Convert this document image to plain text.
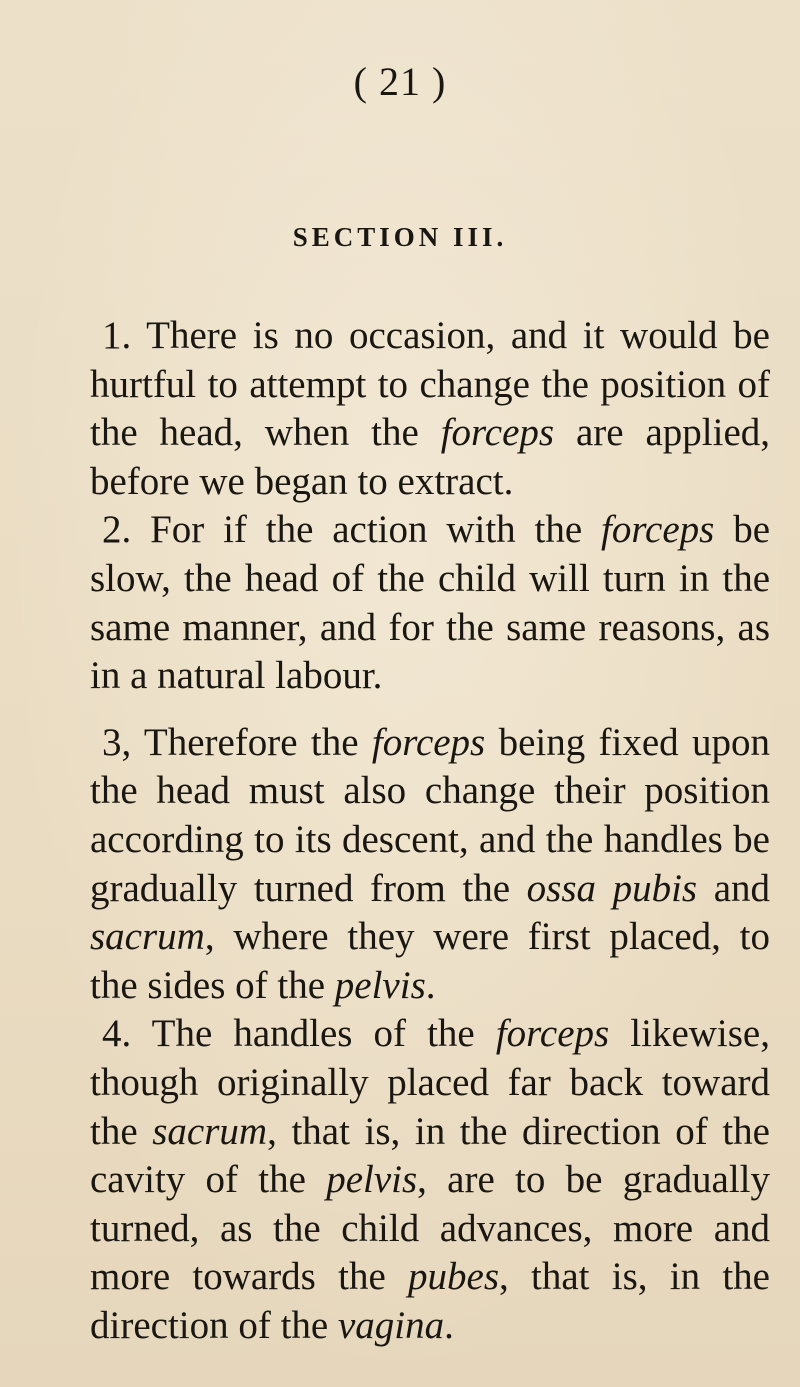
( 21 )
SECTION III.

1. There is no occasion, and it would be hurtful to attempt to change the position of the head, when the forceps are applied, before we began to extract.

2. For if the action with the forceps be slow, the head of the child will turn in the same manner, and for the same reasons, as in a natural labour.

3, Therefore the forceps being fixed upon the head must also change their position according to its descent, and the handles be gradually turned from the ossa pubis and sacrum, where they were first placed, to the sides of the pelvis.

4. The handles of the forceps likewise, though originally placed far back toward the sacrum, that is, in the direction of the cavity of the pelvis, are to be gradually turned, as the child advances, more and more towards the pubes, that is, in the direction of the vagina.
